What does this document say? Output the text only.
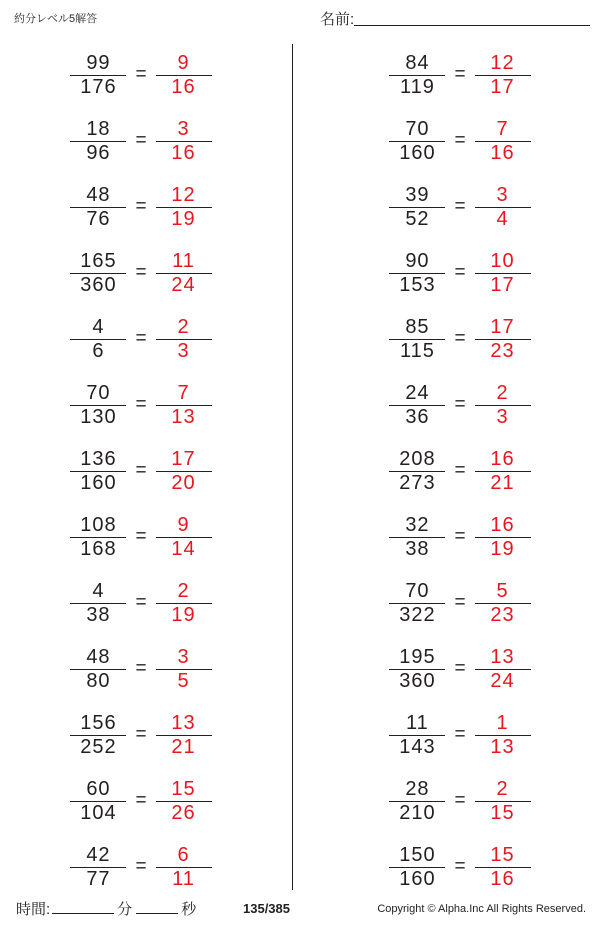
約分レベル5解答	名前:
$\frac{99}{176} = \frac{9}{16}$
$\frac{18}{96} = \frac{3}{16}$
$\frac{48}{76} = \frac{12}{19}$
$\frac{165}{360} = \frac{11}{24}$
$\frac{4}{6} = \frac{2}{3}$
$\frac{70}{130} = \frac{7}{13}$
$\frac{136}{160} = \frac{17}{20}$
$\frac{108}{168} = \frac{9}{14}$
$\frac{4}{38} = \frac{2}{19}$
$\frac{48}{80} = \frac{3}{5}$
$\frac{156}{252} = \frac{13}{21}$
$\frac{60}{104} = \frac{15}{26}$
$\frac{42}{77} = \frac{6}{11}$
$\frac{84}{119} = \frac{12}{17}$
$\frac{70}{160} = \frac{7}{16}$
$\frac{39}{52} = \frac{3}{4}$
$\frac{90}{153} = \frac{10}{17}$
$\frac{85}{115} = \frac{17}{23}$
$\frac{24}{36} = \frac{2}{3}$
$\frac{208}{273} = \frac{16}{21}$
$\frac{32}{38} = \frac{16}{19}$
$\frac{70}{322} = \frac{5}{23}$
$\frac{195}{360} = \frac{13}{24}$
$\frac{11}{143} = \frac{1}{13}$
$\frac{28}{210} = \frac{2}{15}$
$\frac{150}{160} = \frac{15}{16}$
時間:	分	秒	135/385	Copyright © Alpha.Inc All Rights Reserved.
